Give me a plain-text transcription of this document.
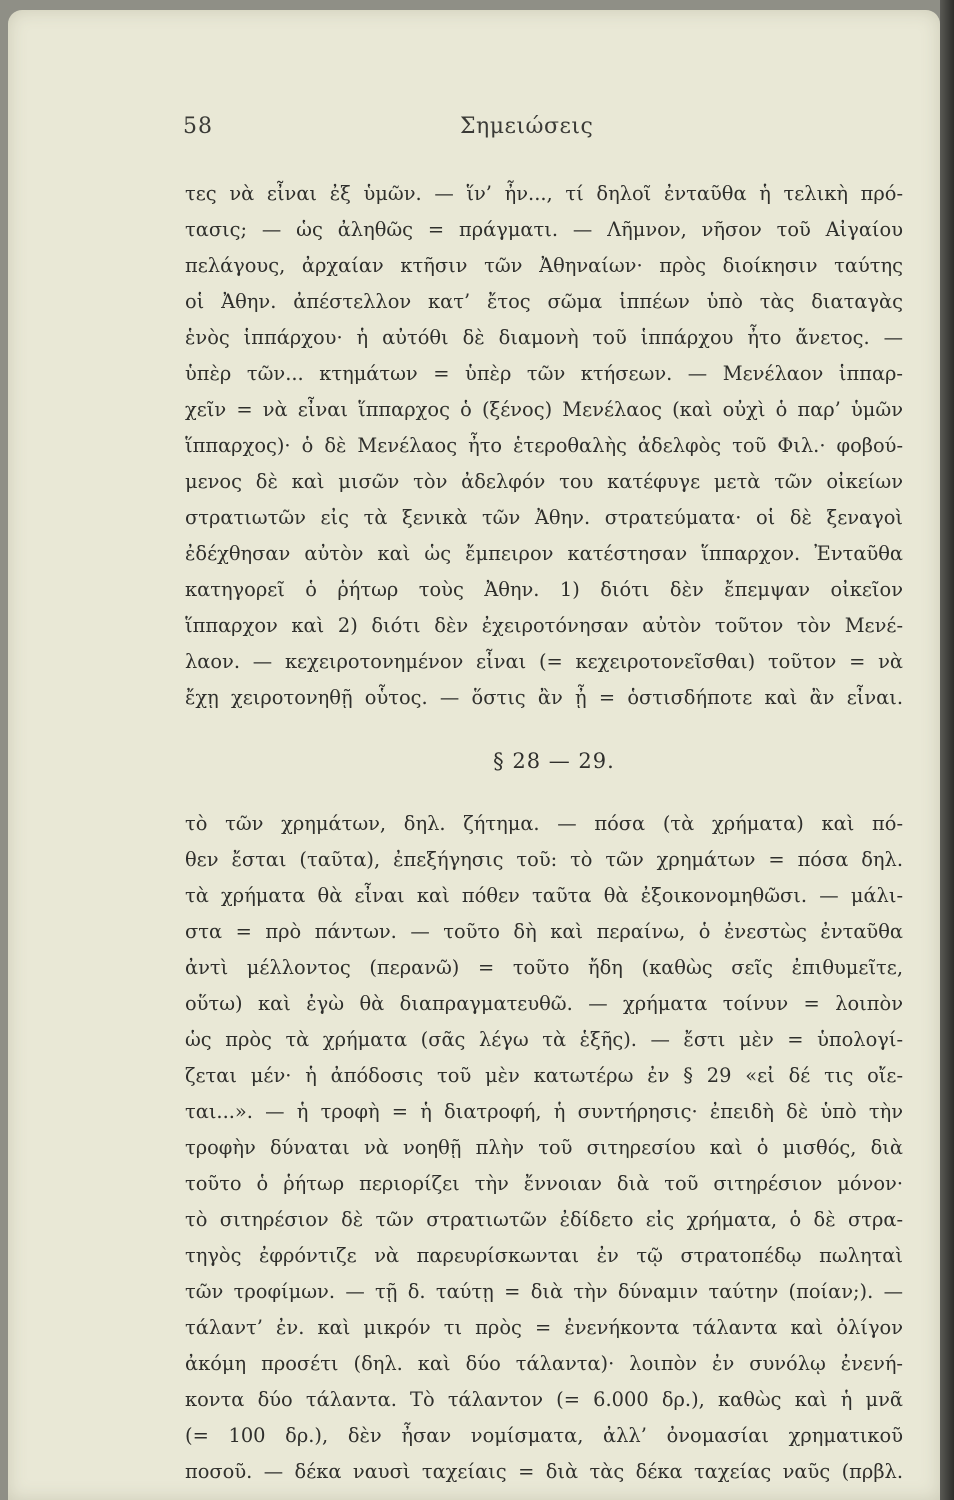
58	Σημειώσεις
τες νὰ εἶναι ἐξ ὑμῶν. — ἵν’ ἦν..., τί δηλοῖ ἐνταῦθα ἡ τελικὴ πρό-
τασις; — ὡς ἀληθῶς = πράγματι. — Λῆμνον, νῆσον τοῦ Αἰγαίου
πελάγους, ἀρχαίαν κτῆσιν τῶν Ἀθηναίων· πρὸς διοίκησιν ταύτης
οἱ Ἀθην. ἀπέστελλον κατ’ ἔτος σῶμα ἱππέων ὑπὸ τὰς διαταγὰς
ἑνὸς ἱππάρχου· ἡ αὐτόθι δὲ διαμονὴ τοῦ ἱππάρχου ἦτο ἄνετος. —
ὑπὲρ τῶν... κτημάτων = ὑπὲρ τῶν κτήσεων. — Μενέλαον ἱππαρ-
χεῖν = νὰ εἶναι ἵππαρχος ὁ (ξένος) Μενέλαος (καὶ οὐχὶ ὁ παρ’ ὑμῶν
ἵππαρχος)· ὁ δὲ Μενέλαος ἦτο ἑτεροθαλὴς ἀδελφὸς τοῦ Φιλ.· φοβού-
μενος δὲ καὶ μισῶν τὸν ἀδελφόν του κατέφυγε μετὰ τῶν οἰκείων
στρατιωτῶν εἰς τὰ ξενικὰ τῶν Ἀθην. στρατεύματα· οἱ δὲ ξεναγοὶ
ἐδέχθησαν αὐτὸν καὶ ὡς ἔμπειρον κατέστησαν ἵππαρχον. Ἐνταῦθα
κατηγορεῖ ὁ ῥήτωρ τοὺς Ἀθην. 1) διότι δὲν ἔπεμψαν οἰκεῖον
ἵππαρχον καὶ 2) διότι δὲν ἐχειροτόνησαν αὐτὸν τοῦτον τὸν Μενέ-
λαον. — κεχειροτονημένον εἶναι (= κεχειροτονεῖσθαι) τοῦτον = νὰ
ἔχῃ χειροτονηθῇ οὗτος. — ὅστις ἂν ᾖ = ὁστισδήποτε καὶ ἂν εἶναι.
§ 28 — 29.
τὸ τῶν χρημάτων, δηλ. ζήτημα. — πόσα (τὰ χρήματα) καὶ πό-
θεν ἔσται (ταῦτα), ἐπεξήγησις τοῦ: τὸ τῶν χρημάτων = πόσα δηλ.
τὰ χρήματα θὰ εἶναι καὶ πόθεν ταῦτα θὰ ἐξοικονομηθῶσι. — μάλι-
στα = πρὸ πάντων. — τοῦτο δὴ καὶ περαίνω, ὁ ἐνεστὼς ἐνταῦθα
ἀντὶ μέλλοντος (περανῶ) = τοῦτο ἤδη (καθὼς σεῖς ἐπιθυμεῖτε,
οὕτω) καὶ ἐγὼ θὰ διαπραγματευθῶ. — χρήματα τοίνυν = λοιπὸν
ὡς πρὸς τὰ χρήματα (σᾶς λέγω τὰ ἑξῆς). — ἔστι μὲν = ὑπολογί-
ζεται μέν· ἡ ἀπόδοσις τοῦ μὲν κατωτέρω ἐν § 29 «εἰ δέ τις οἴε-
ται...». — ἡ τροφὴ = ἡ διατροφή, ἡ συντήρησις· ἐπειδὴ δὲ ὑπὸ τὴν
τροφὴν δύναται νὰ νοηθῇ πλὴν τοῦ σιτηρεσίου καὶ ὁ μισθός, διὰ
τοῦτο ὁ ῥήτωρ περιορίζει τὴν ἔννοιαν διὰ τοῦ σιτηρέσιον μόνον·
τὸ σιτηρέσιον δὲ τῶν στρατιωτῶν ἐδίδετο εἰς χρήματα, ὁ δὲ στρα-
τηγὸς ἐφρόντιζε νὰ παρευρίσκωνται ἐν τῷ στρατοπέδῳ πωληταὶ
τῶν τροφίμων. — τῇ δ. ταύτῃ = διὰ τὴν δύναμιν ταύτην (ποίαν;). —
τάλαντ’ ἐν. καὶ μικρόν τι πρὸς = ἐνενήκοντα τάλαντα καὶ ὀλίγον
ἀκόμη προσέτι (δηλ. καὶ δύο τάλαντα)· λοιπὸν ἐν συνόλῳ ἐνενή-
κοντα δύο τάλαντα. Τὸ τάλαντον (= 6.000 δρ.), καθὼς καὶ ἡ μνᾶ
(= 100 δρ.), δὲν ἦσαν νομίσματα, ἀλλ’ ὀνομασίαι χρηματικοῦ
ποσοῦ. — δέκα ναυσὶ ταχείαις = διὰ τὰς δέκα ταχείας ναῦς (πρβλ.
